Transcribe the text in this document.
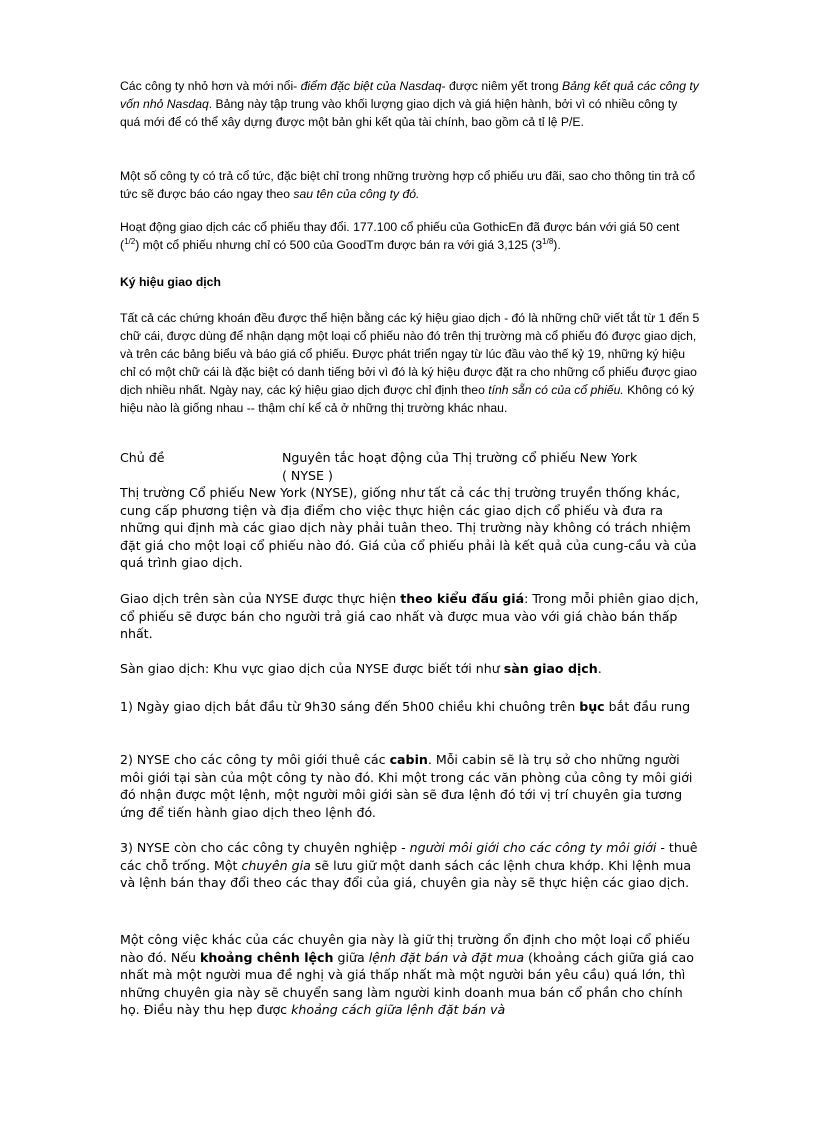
Các công ty nhỏ hơn và mới nổi- điểm đặc biệt của Nasdaq- được niêm yết trong Bảng kết quả các công ty vốn nhỏ Nasdaq. Bảng này tập trung vào khối lượng giao dịch và giá hiện hành, bởi vì có nhiều công ty quá mới để có thể xây dựng được một bản ghi kết qủa tài chính, bao gồm cả tỉ lệ P/E.

Một số công ty có trả cổ tức, đặc biệt chỉ trong những trường hợp cổ phiếu ưu đãi, sao cho thông tin trả cổ tức sẽ được báo cáo ngay theo sau tên của công ty đó.

Hoạt động giao dịch các cổ phiếu thay đổi. 177.100 cổ phiếu của GothicEn đã được bán với giá 50 cent ($^{1/2}$) một cổ phiếu nhưng chỉ có 500 của GoodTm được bán ra với giá 3,125 $(3^{1/8})$.

Ký hiệu giao dịch

Tất cả các chứng khoán đều được thể hiện bằng các ký hiệu giao dịch - đó là những chữ viết tắt từ 1 đến 5 chữ cái, được dùng để nhận dạng một loại cổ phiếu nào đó trên thị trường mà cổ phiếu đó được giao dịch, và trên các bảng biểu và báo giá cổ phiếu. Được phát triển ngay từ lúc đầu vào thế kỷ 19, những ký hiệu chỉ có một chữ cái là đặc biệt có danh tiếng bởi vì đó là ký hiệu được đặt ra cho những cổ phiếu được giao dịch nhiều nhất. Ngày nay, các ký hiệu giao dịch được chỉ định theo tính sẵn có của cổ phiếu. Không có ký hiệu nào là giống nhau -- thậm chí kể cả ở những thị trường khác nhau.

Chủ đề	Nguyên tắc hoạt động của Thị trường cổ phiếu New York ( NYSE )

Thị trường Cổ phiếu New York (NYSE), giống như tất cả các thị trường truyền thống khác, cung cấp phương tiện và địa điểm cho việc thực hiện các giao dịch cổ phiếu và đưa ra những qui định mà các giao dịch này phải tuân theo. Thị trường này không có trách nhiệm đặt giá cho một loại cổ phiếu nào đó. Giá của cổ phiếu phải là kết quả của cung-cầu và của quá trình giao dịch.

Giao dịch trên sàn của NYSE được thực hiện theo kiểu đấu giá: Trong mỗi phiên giao dịch, cổ phiếu sẽ được bán cho người trả giá cao nhất và được mua vào với giá chào bán thấp nhất.

Sàn giao dịch: Khu vực giao dịch của NYSE được biết tới như sàn giao dịch.

1) Ngày giao dịch bắt đầu từ 9h30 sáng đến 5h00 chiều khi chuông trên bục bắt đầu rung

2) NYSE cho các công ty môi giới thuê các cabin. Mỗi cabin sẽ là trụ sở cho những người môi giới tại sàn của một công ty nào đó. Khi một trong các văn phòng của công ty môi giới đó nhận được một lệnh, một người môi giới sàn sẽ đưa lệnh đó tới vị trí chuyên gia tương ứng để tiến hành giao dịch theo lệnh đó.

3) NYSE còn cho các công ty chuyên nghiệp - người môi giới cho các công ty môi giới - thuê các chỗ trống. Một chuyên gia sẽ lưu giữ một danh sách các lệnh chưa khớp. Khi lệnh mua và lệnh bán thay đổi theo các thay đổi của giá, chuyên gia này sẽ thực hiện các giao dịch.

Một công việc khác của các chuyên gia này là giữ thị trường ổn định cho một loại cổ phiếu nào đó. Nếu khoảng chênh lệch giữa lệnh đặt bán và đặt mua (khoảng cách giữa giá cao nhất mà một người mua đề nghị và giá thấp nhất mà một người bán yêu cầu) quá lớn, thì những chuyên gia này sẽ chuyển sang làm người kinh doanh mua bán cổ phần cho chính họ. Điều này thu hẹp được khoảng cách giữa lệnh đặt bán và
